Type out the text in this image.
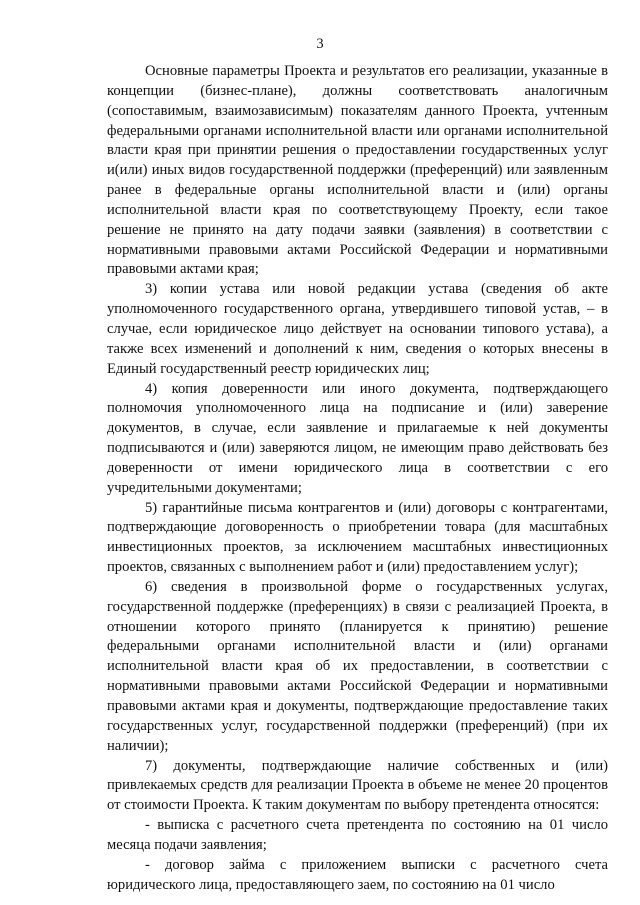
3

Основные параметры Проекта и результатов его реализации, указанные в концепции (бизнес-плане), должны соответствовать аналогичным (сопоставимым, взаимозависимым) показателям данного Проекта, учтенным федеральными органами исполнительной власти или органами исполнительной власти края при принятии решения о предоставлении государственных услуг и(или) иных видов государственной поддержки (преференций) или заявленным ранее в федеральные органы исполнительной власти и (или) органы исполнительной власти края по соответствующему Проекту, если такое решение не принято на дату подачи заявки (заявления) в соответствии с нормативными правовыми актами Российской Федерации и нормативными правовыми актами края;

3) копии устава или новой редакции устава (сведения об акте уполномоченного государственного органа, утвердившего типовой устав, – в случае, если юридическое лицо действует на основании типового устава), а также всех изменений и дополнений к ним, сведения о которых внесены в Единый государственный реестр юридических лиц;

4) копия доверенности или иного документа, подтверждающего полномочия уполномоченного лица на подписание и (или) заверение документов, в случае, если заявление и прилагаемые к ней документы подписываются и (или) заверяются лицом, не имеющим право действовать без доверенности от имени юридического лица в соответствии с его учредительными документами;

5) гарантийные письма контрагентов и (или) договоры с контрагентами, подтверждающие договоренность о приобретении товара (для масштабных инвестиционных проектов, за исключением масштабных инвестиционных проектов, связанных с выполнением работ и (или) предоставлением услуг);

6) сведения в произвольной форме о государственных услугах, государственной поддержке (преференциях) в связи с реализацией Проекта, в отношении которого принято (планируется к принятию) решение федеральными органами исполнительной власти и (или) органами исполнительной власти края об их предоставлении, в соответствии с нормативными правовыми актами Российской Федерации и нормативными правовыми актами края и документы, подтверждающие предоставление таких государственных услуг, государственной поддержки (преференций) (при их наличии);

7) документы, подтверждающие наличие собственных и (или) привлекаемых средств для реализации Проекта в объеме не менее 20 процентов от стоимости Проекта. К таким документам по выбору претендента относятся:

- выписка с расчетного счета претендента по состоянию на 01 число месяца подачи заявления;

- договор займа с приложением выписки с расчетного счета юридического лица, предоставляющего заем, по состоянию на 01 число
